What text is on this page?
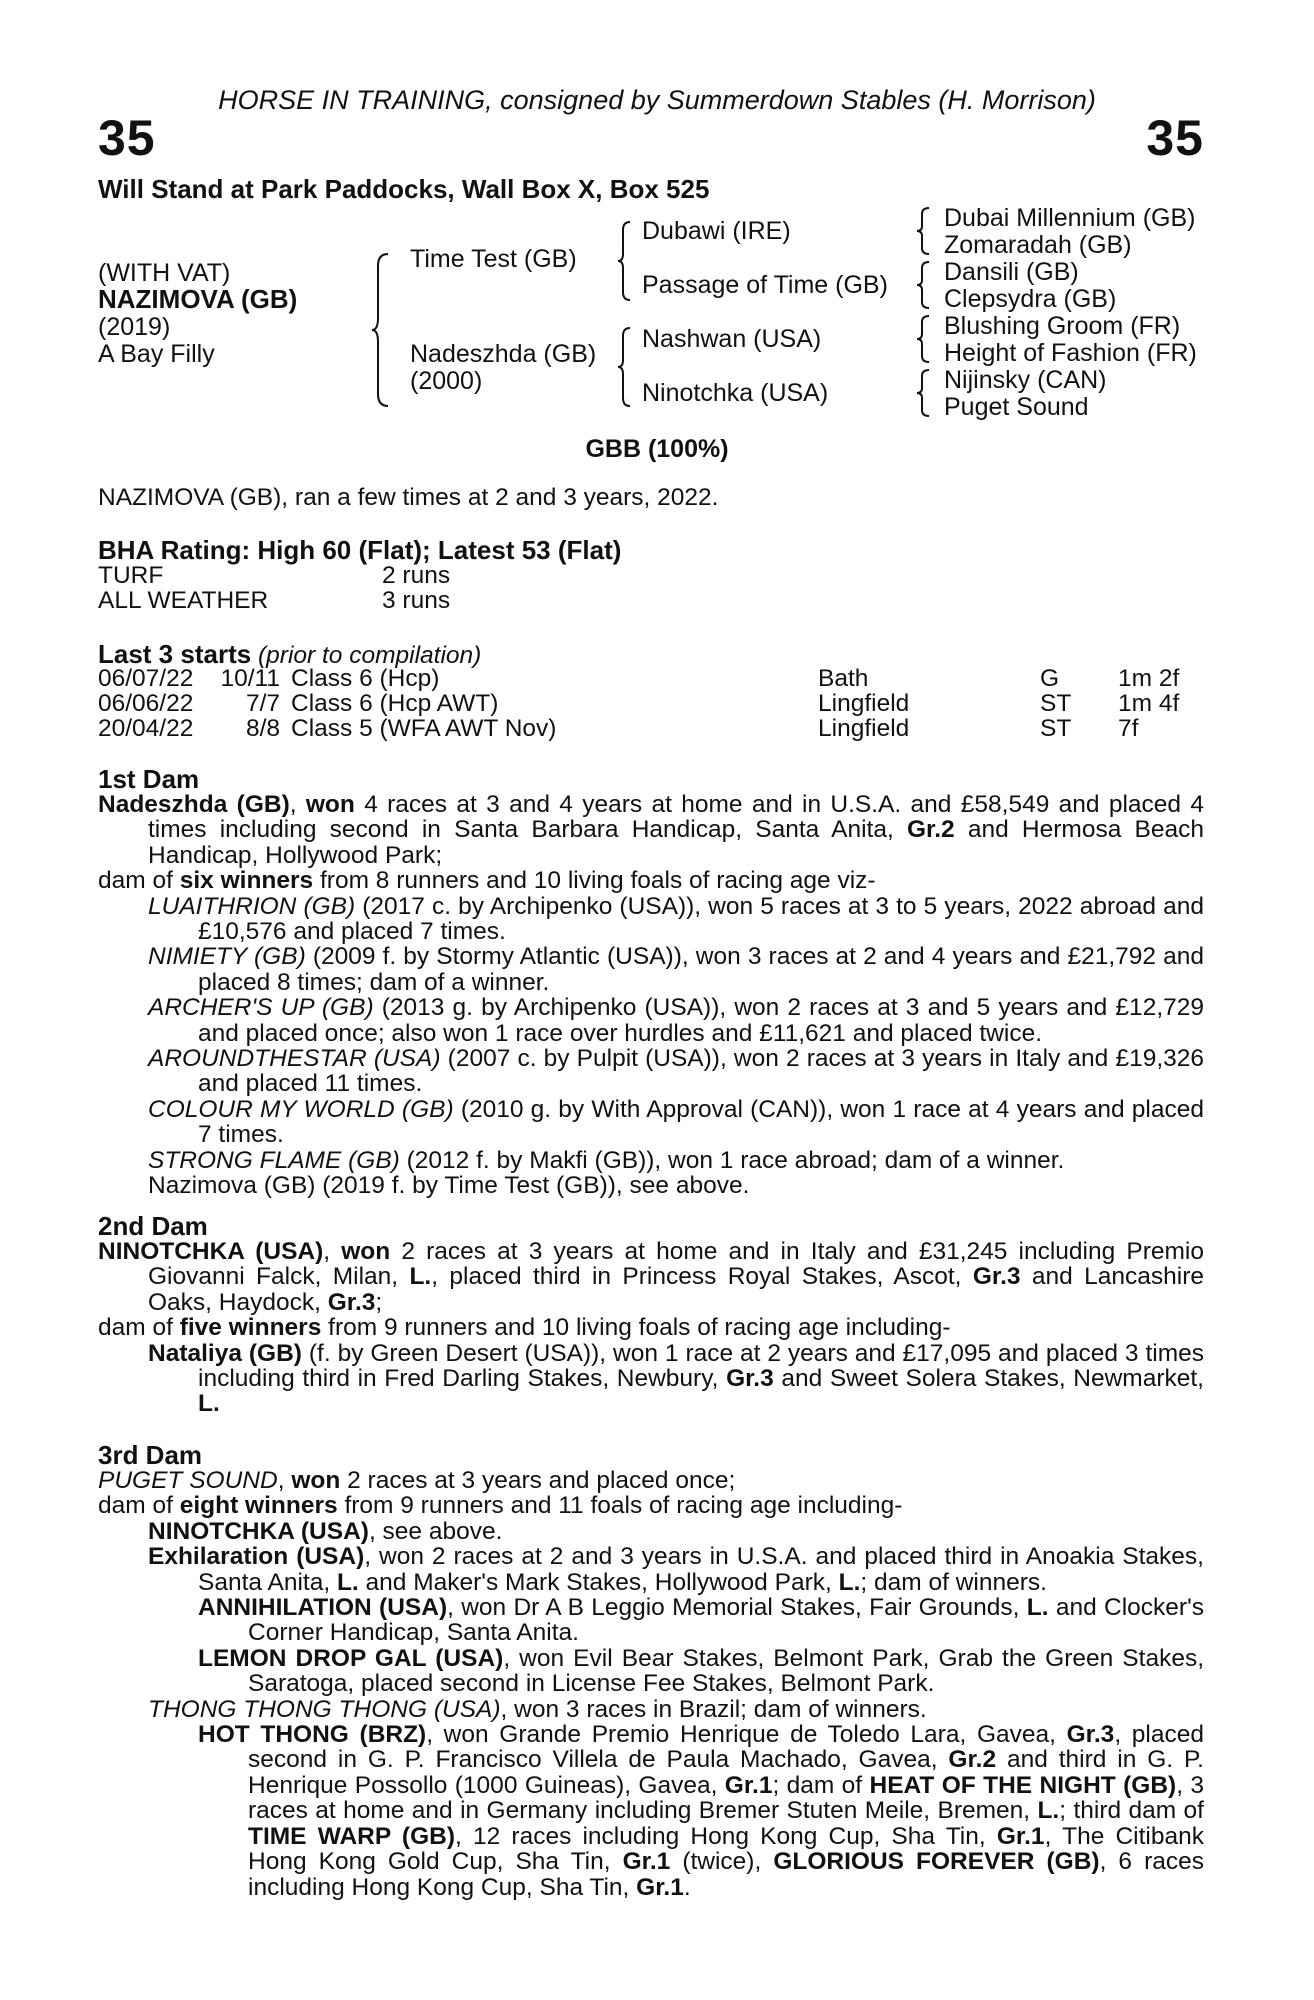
HORSE IN TRAINING, consigned by Summerdown Stables (H. Morrison)
35	35
Will Stand at Park Paddocks, Wall Box X, Box 525
(WITH VAT)
NAZIMOVA (GB)
(2019)
A Bay Filly
Time Test (GB)
Nadeszhda (GB)
(2000)
Dubawi (IRE)
Passage of Time (GB)
Nashwan (USA)
Ninotchka (USA)
Dubai Millennium (GB)
Zomaradah (GB)
Dansili (GB)
Clepsydra (GB)
Blushing Groom (FR)
Height of Fashion (FR)
Nijinsky (CAN)
Puget Sound
GBB (100%)
NAZIMOVA (GB), ran a few times at 2 and 3 years, 2022.
BHA Rating: High 60 (Flat); Latest 53 (Flat)
TURF	2 runs
ALL WEATHER	3 runs
Last 3 starts (prior to compilation)
06/07/22	10/11 Class 6 (Hcp)	Bath	G 1m 2f
06/06/22	7/7 Class 6 (Hcp AWT)	Lingfield	ST 1m 4f
20/04/22	8/8 Class 5 (WFA AWT Nov)	Lingfield	ST 7f
1st Dam

Nadeszhda (GB), won 4 races at 3 and 4 years at home and in U.S.A. and £58,549 and placed 4 times including second in Santa Barbara Handicap, Santa Anita, Gr.2 and Hermosa Beach Handicap, Hollywood Park;

dam of six winners from 8 runners and 10 living foals of racing age viz-

LUAITHRION (GB) (2017 c. by Archipenko (USA)), won 5 races at 3 to 5 years, 2022 abroad and £10,576 and placed 7 times.

NIMIETY (GB) (2009 f. by Stormy Atlantic (USA)), won 3 races at 2 and 4 years and £21,792 and placed 8 times; dam of a winner.

ARCHER'S UP (GB) (2013 g. by Archipenko (USA)), won 2 races at 3 and 5 years and £12,729 and placed once; also won 1 race over hurdles and £11,621 and placed twice.

AROUNDTHESTAR (USA) (2007 c. by Pulpit (USA)), won 2 races at 3 years in Italy and £19,326 and placed 11 times.

COLOUR MY WORLD (GB) (2010 g. by With Approval (CAN)), won 1 race at 4 years and placed 7 times.

STRONG FLAME (GB) (2012 f. by Makfi (GB)), won 1 race abroad; dam of a winner.

Nazimova (GB) (2019 f. by Time Test (GB)), see above.

2nd Dam

NINOTCHKA (USA), won 2 races at 3 years at home and in Italy and £31,245 including Premio Giovanni Falck, Milan, L., placed third in Princess Royal Stakes, Ascot, Gr.3 and Lancashire Oaks, Haydock, Gr.3;

dam of five winners from 9 runners and 10 living foals of racing age including-

Nataliya (GB) (f. by Green Desert (USA)), won 1 race at 2 years and £17,095 and placed 3 times including third in Fred Darling Stakes, Newbury, Gr.3 and Sweet Solera Stakes, Newmarket, L.

3rd Dam

PUGET SOUND, won 2 races at 3 years and placed once;

dam of eight winners from 9 runners and 11 foals of racing age including-

NINOTCHKA (USA), see above.

Exhilaration (USA), won 2 races at 2 and 3 years in U.S.A. and placed third in Anoakia Stakes, Santa Anita, L. and Maker's Mark Stakes, Hollywood Park, L.; dam of winners.

ANNIHILATION (USA), won Dr A B Leggio Memorial Stakes, Fair Grounds, L. and Clocker's Corner Handicap, Santa Anita.

LEMON DROP GAL (USA), won Evil Bear Stakes, Belmont Park, Grab the Green Stakes, Saratoga, placed second in License Fee Stakes, Belmont Park.

THONG THONG THONG (USA), won 3 races in Brazil; dam of winners.

HOT THONG (BRZ), won Grande Premio Henrique de Toledo Lara, Gavea, Gr.3, placed second in G. P. Francisco Villela de Paula Machado, Gavea, Gr.2 and third in G. P. Henrique Possollo (1000 Guineas), Gavea, Gr.1; dam of HEAT OF THE NIGHT (GB), 3 races at home and in Germany including Bremer Stuten Meile, Bremen, L.; third dam of TIME WARP (GB), 12 races including Hong Kong Cup, Sha Tin, Gr.1, The Citibank Hong Kong Gold Cup, Sha Tin, Gr.1 (twice), GLORIOUS FOREVER (GB), 6 races including Hong Kong Cup, Sha Tin, Gr.1.
